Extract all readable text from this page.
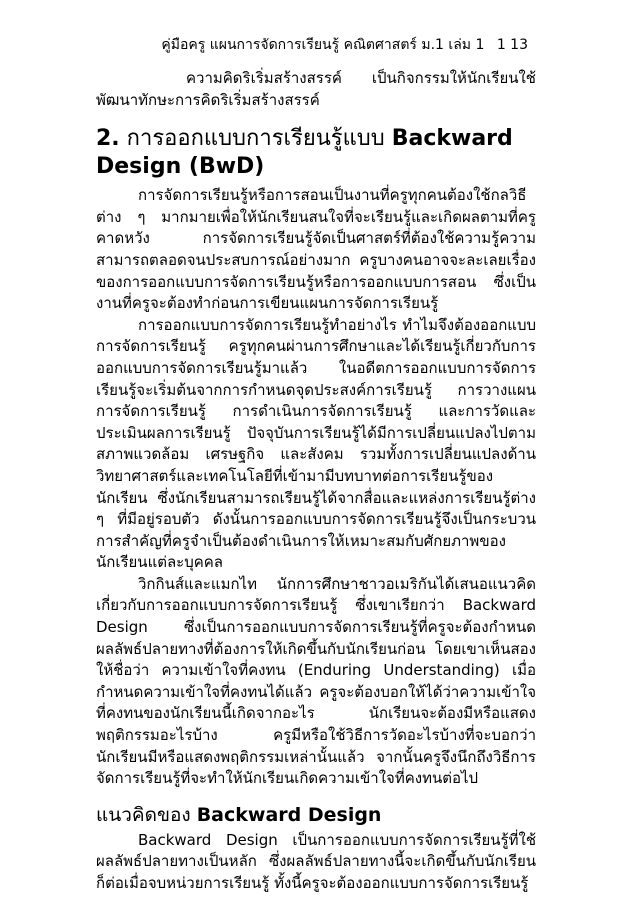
คู่มือครู แผนการจัดการเรียนรู้ คณิตศาสตร์ ม.1 เล่ม 1 1 13

ความคิดริเริ่มสร้างสรรค์ เป็นกิจกรรมให้นักเรียนใช้พัฒนาทักษะการคิดริเริ่มสร้างสรรค์

2. การออกแบบการเรียนรู้แบบ Backward Design (BwD)

การจัดการเรียนรู้หรือการสอนเป็นงานที่ครูทุกคนต้องใช้กลวิธีต่าง ๆ มากมายเพื่อให้นักเรียนสนใจที่จะเรียนรู้และเกิดผลตามที่ครูคาดหวัง การจัดการเรียนรู้จัดเป็นศาสตร์ที่ต้องใช้ความรู้ความสามารถตลอดจนประสบการณ์อย่างมาก ครูบางคนอาจจะละเลยเรื่องของการออกแบบการจัดการเรียนรู้หรือการออกแบบการสอน ซึ่งเป็นงานที่ครูจะต้องทำก่อนการเขียนแผนการจัดการเรียนรู้

การออกแบบการจัดการเรียนรู้ทำอย่างไร ทำไมจึงต้องออกแบบการจัดการเรียนรู้ ครูทุกคนผ่านการศึกษาและได้เรียนรู้เกี่ยวกับการออกแบบการจัดการเรียนรู้มาแล้ว ในอดีตการออกแบบการจัดการเรียนรู้จะเริ่มต้นจากการกำหนดจุดประสงค์การเรียนรู้ การวางแผนการจัดการเรียนรู้ การดำเนินการจัดการเรียนรู้ และการวัดและประเมินผลการเรียนรู้ ปัจจุบันการเรียนรู้ได้มีการเปลี่ยนแปลงไปตามสภาพแวดล้อม เศรษฐกิจ และสังคม รวมทั้งการเปลี่ยนแปลงด้านวิทยาศาสตร์และเทคโนโลยีที่เข้ามามีบทบาทต่อการเรียนรู้ของนักเรียน ซึ่งนักเรียนสามารถเรียนรู้ได้จากสื่อและแหล่งการเรียนรู้ต่าง ๆ ที่มีอยู่รอบตัว ดังนั้นการออกแบบการจัดการเรียนรู้จึงเป็นกระบวนการสำคัญที่ครูจำเป็นต้องดำเนินการให้เหมาะสมกับศักยภาพของนักเรียนแต่ละบุคคล

วิกกินส์และแมกไท นักการศึกษาชาวอเมริกันได้เสนอแนวคิดเกี่ยวกับการออกแบบการจัดการเรียนรู้ ซึ่งเขาเรียกว่า Backward Design ซึ่งเป็นการออกแบบการจัดการเรียนรู้ที่ครูจะต้องกำหนดผลลัพธ์ปลายทางที่ต้องการให้เกิดขึ้นกับนักเรียนก่อน โดยเขาเห็นสองให้ชื่อว่า ความเข้าใจที่คงทน (Enduring Understanding) เมื่อกำหนดความเข้าใจที่คงทนได้แล้ว ครูจะต้องบอกให้ได้ว่าความเข้าใจที่คงทนของนักเรียนนี้เกิดจากอะไร นักเรียนจะต้องมีหรือแสดงพฤติกรรมอะไรบ้าง ครูมีหรือใช้วิธีการวัดอะไรบ้างที่จะบอกว่านักเรียนมีหรือแสดงพฤติกรรมเหล่านั้นแล้ว จากนั้นครูจึงนึกถึงวิธีการจัดการเรียนรู้ที่จะทำให้นักเรียนเกิดความเข้าใจที่คงทนต่อไป

แนวคิดของ Backward Design

Backward Design เป็นการออกแบบการจัดการเรียนรู้ที่ใช้ผลลัพธ์ปลายทางเป็นหลัก ซึ่งผลลัพธ์ปลายทางนี้จะเกิดขึ้นกับนักเรียนก็ต่อเมื่อจบหน่วยการเรียนรู้ ทั้งนี้ครูจะต้องออกแบบการจัดการเรียนรู้
